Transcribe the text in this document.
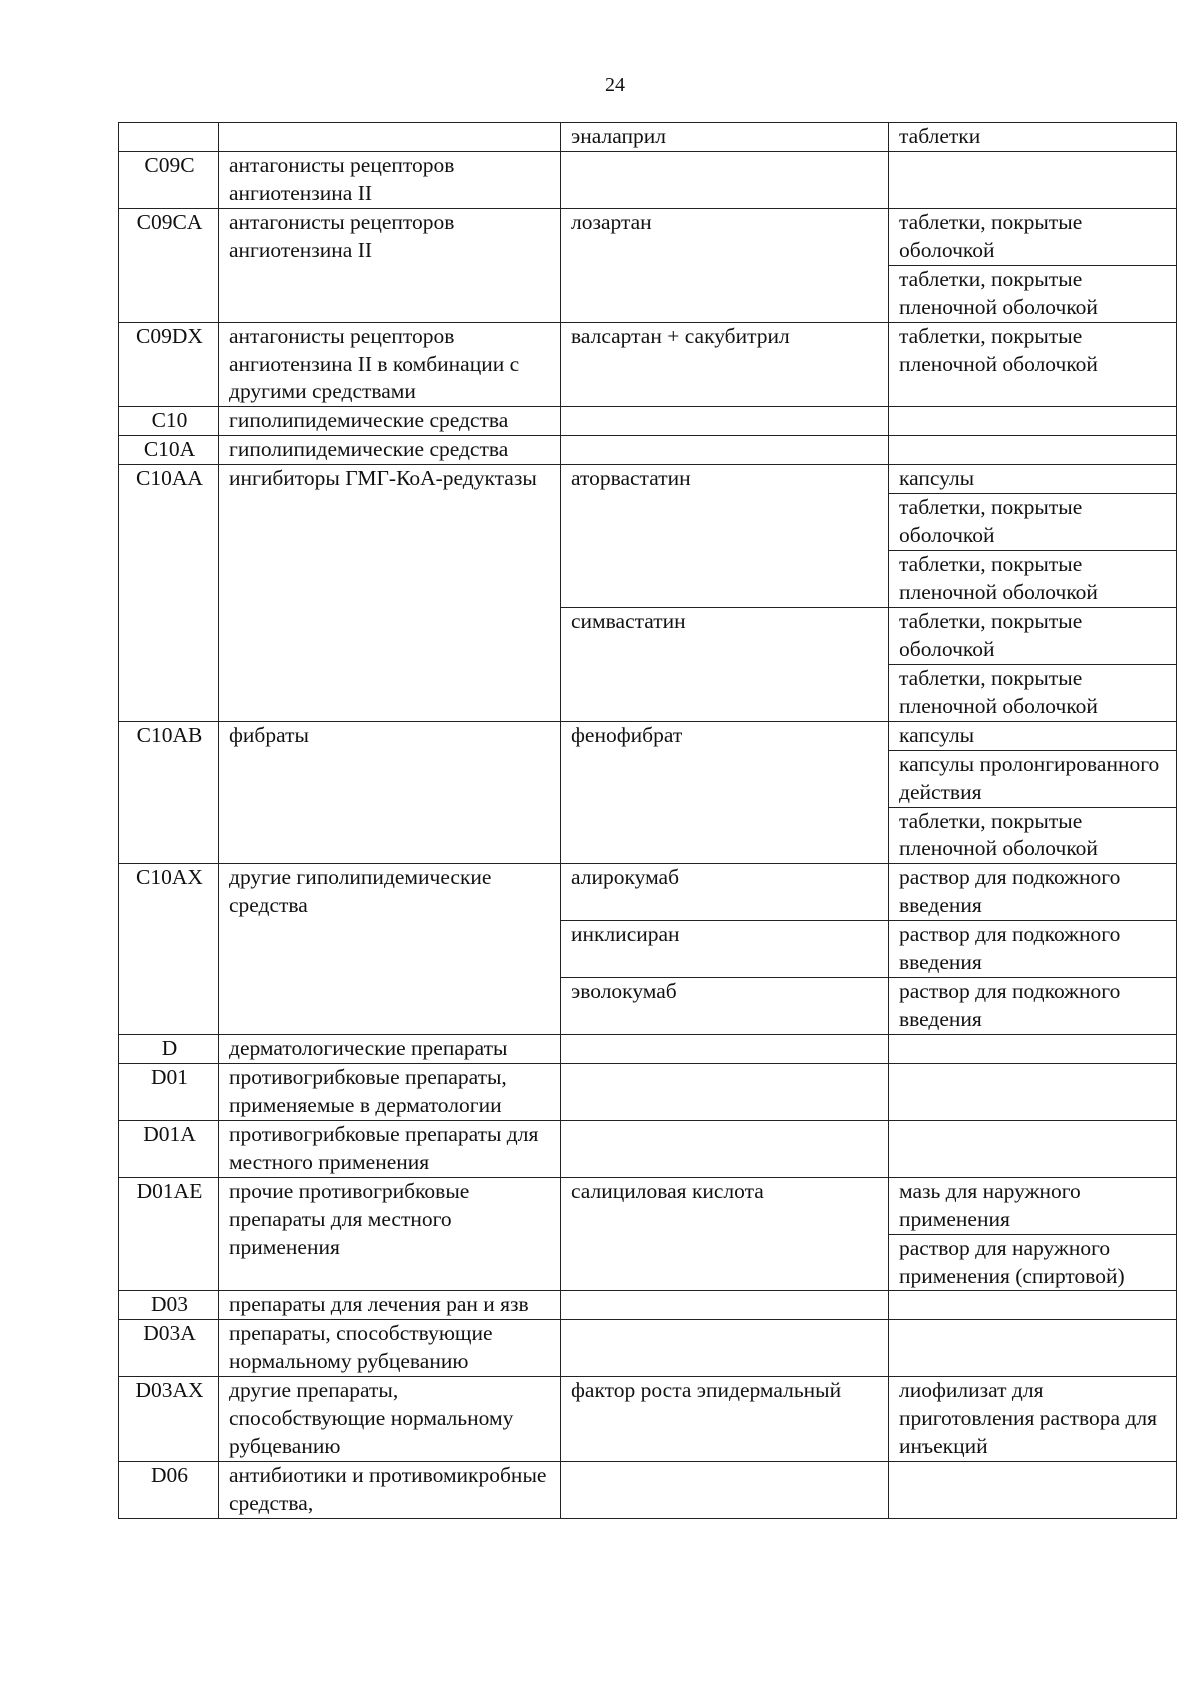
24
		эналаприл	таблетки
C09C	антагонисты рецепторов ангиотензина II		
C09CA	антагонисты рецепторов ангиотензина II	лозартан	таблетки, покрытые оболочкой
			таблетки, покрытые пленочной оболочкой
C09DX	антагонисты рецепторов ангиотензина II в комбинации с другими средствами	валсартан + сакубитрил	таблетки, покрытые пленочной оболочкой
C10	гиполипидемические средства		
C10A	гиполипидемические средства		
C10AA	ингибиторы ГМГ-КоА-редуктазы	аторвастатин	капсулы
			таблетки, покрытые оболочкой
			таблетки, покрытые пленочной оболочкой
		симвастатин	таблетки, покрытые оболочкой
			таблетки, покрытые пленочной оболочкой
C10AB	фибраты	фенофибрат	капсулы
			капсулы пролонгированного действия
			таблетки, покрытые пленочной оболочкой
C10AX	другие гиполипидемические средства	алирокумаб	раствор для подкожного введения
		инклисиран	раствор для подкожного введения
		эволокумаб	раствор для подкожного введения
D	дерматологические препараты		
D01	противогрибковые препараты, применяемые в дерматологии		
D01A	противогрибковые препараты для местного применения		
D01AE	прочие противогрибковые препараты для местного применения	салициловая кислота	мазь для наружного применения
			раствор для наружного применения (спиртовой)
D03	препараты для лечения ран и язв		
D03A	препараты, способствующие нормальному рубцеванию		
D03AX	другие препараты, способствующие нормальному рубцеванию	фактор роста эпидермальный	лиофилизат для приготовления раствора для инъекций
D06	антибиотики и противомикробные средства,		
